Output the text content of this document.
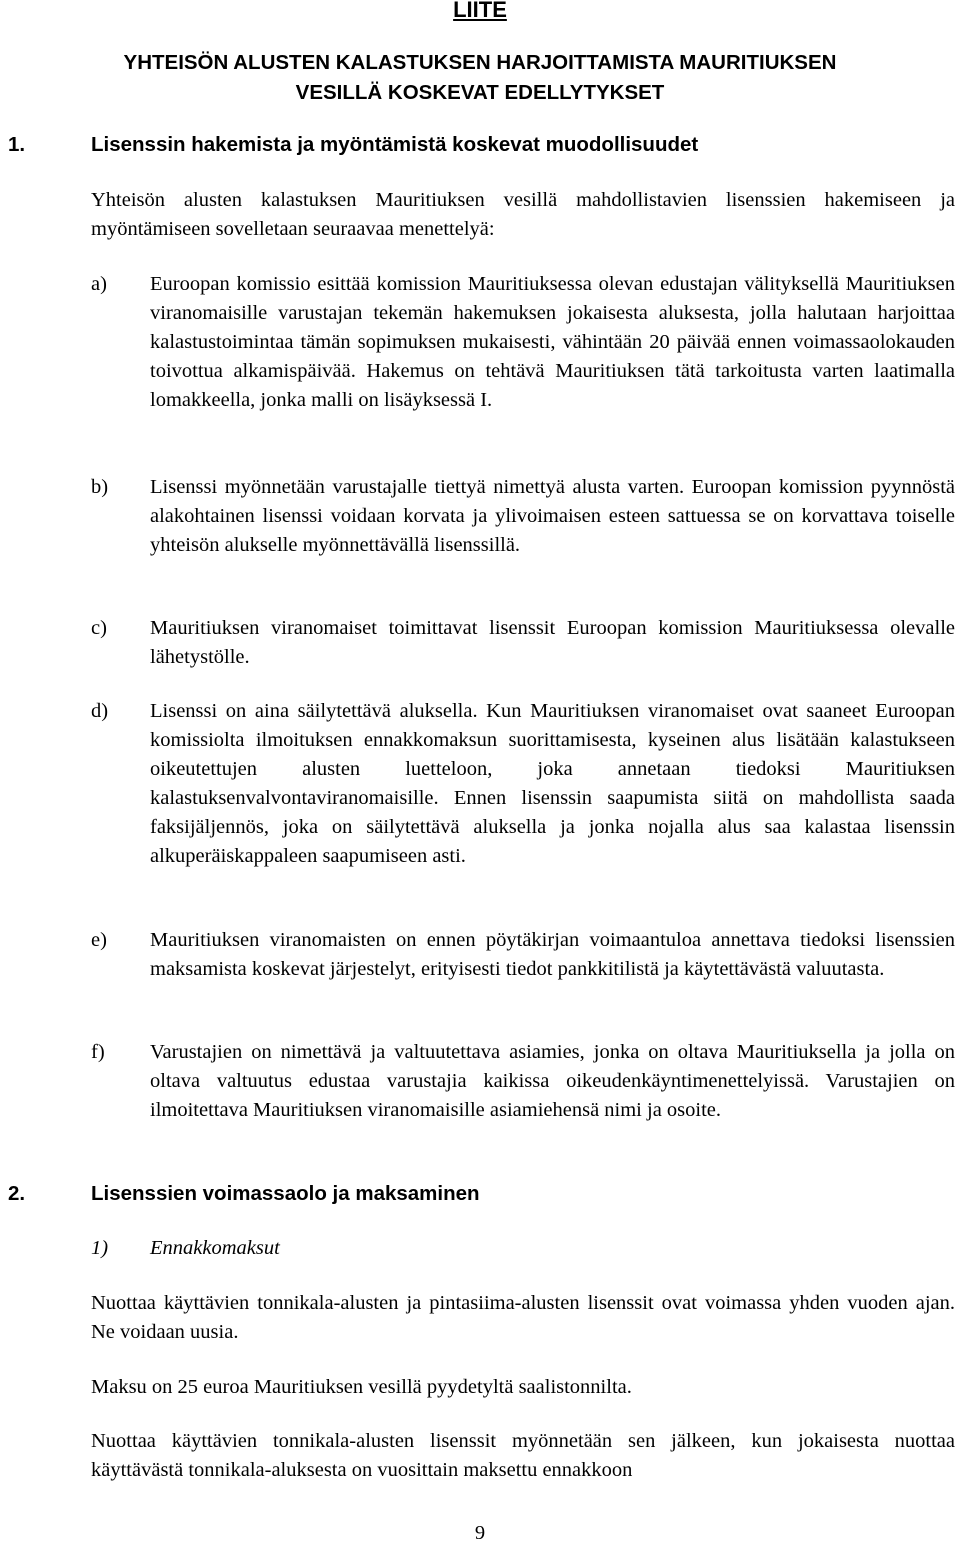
LIITE
YHTEISÖN ALUSTEN KALASTUKSEN HARJOITTAMISTA MAURITIUKSEN
VESILLÄ KOSKEVAT EDELLYTYKSET
1.	Lisenssin hakemista ja myöntämistä koskevat muodollisuudet
Yhteisön alusten kalastuksen Mauritiuksen vesillä mahdollistavien lisenssien hakemiseen ja myöntämiseen sovelletaan seuraavaa menettelyä:
a) Euroopan komissio esittää komission Mauritiuksessa olevan edustajan välityksellä Mauritiuksen viranomaisille varustajan tekemän hakemuksen jokaisesta aluksesta, jolla halutaan harjoittaa kalastustoimintaa tämän sopimuksen mukaisesti, vähintään 20 päivää ennen voimassaolokauden toivottua alkamispäivää. Hakemus on tehtävä Mauritiuksen tätä tarkoitusta varten laatimalla lomakkeella, jonka malli on lisäyksessä I.
b) Lisenssi myönnetään varustajalle tiettyä nimettyä alusta varten. Euroopan komission pyynnöstä alakohtainen lisenssi voidaan korvata ja ylivoimaisen esteen sattuessa se on korvattava toiselle yhteisön alukselle myönnettävällä lisenssillä.
c) Mauritiuksen viranomaiset toimittavat lisenssit Euroopan komission Mauritiuksessa olevalle lähetystölle.
d) Lisenssi on aina säilytettävä aluksella. Kun Mauritiuksen viranomaiset ovat saaneet Euroopan komissiolta ilmoituksen ennakkomaksun suorittamisesta, kyseinen alus lisätään kalastukseen oikeutettujen alusten luetteloon, joka annetaan tiedoksi Mauritiuksen kalastuksenvalvontaviranomaisille. Ennen lisenssin saapumista siitä on mahdollista saada faksijäljennös, joka on säilytettävä aluksella ja jonka nojalla alus saa kalastaa lisenssin alkuperäiskappaleen saapumiseen asti.
e) Mauritiuksen viranomaisten on ennen pöytäkirjan voimaantuloa annettava tiedoksi lisenssien maksamista koskevat järjestelyt, erityisesti tiedot pankkitilistä ja käytettävästä valuutasta.
f) Varustajien on nimettävä ja valtuutettava asiamies, jonka on oltava Mauritiuksella ja jolla on oltava valtuutus edustaa varustajia kaikissa oikeudenkäyntimenettelyissä. Varustajien on ilmoitettava Mauritiuksen viranomaisille asiamiehensä nimi ja osoite.
2.	Lisenssien voimassaolo ja maksaminen
1) Ennakkomaksut
Nuottaa käyttävien tonnikala-alusten ja pintasiima-alusten lisenssit ovat voimassa yhden vuoden ajan. Ne voidaan uusia.
Maksu on 25 euroa Mauritiuksen vesillä pyydetyltä saalistonnilta.
Nuottaa käyttävien tonnikala-alusten lisenssit myönnetään sen jälkeen, kun jokaisesta nuottaa käyttävästä tonnikala-aluksesta on vuosittain maksettu ennakkoon
9
